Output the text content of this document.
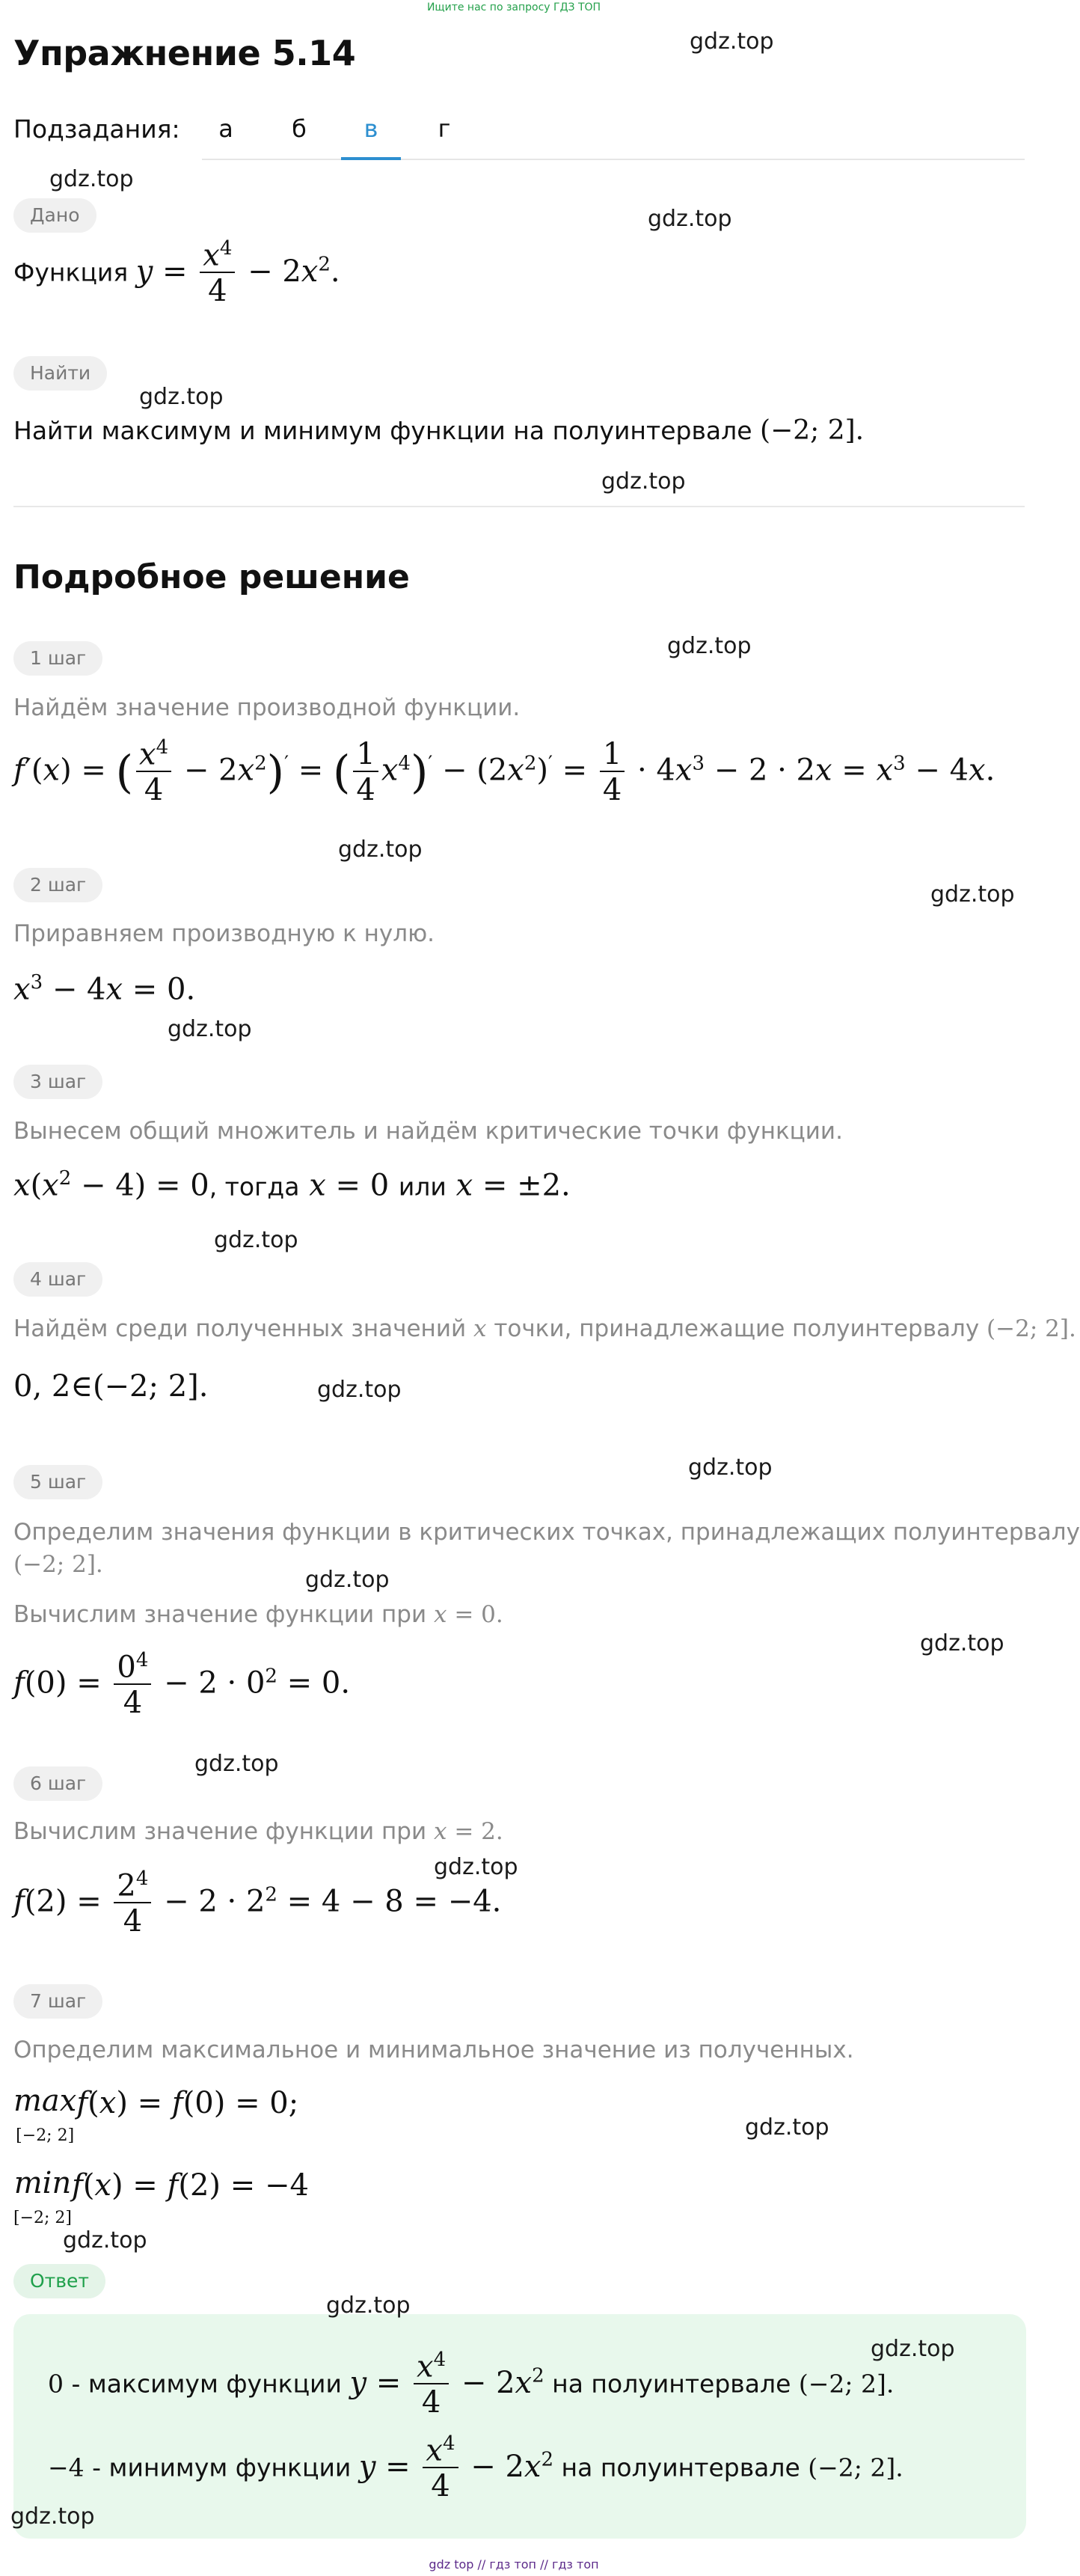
Ищите нас по запросу ГДЗ ТОП
Упражнение 5.14
Подзадания:	а	б	в	г
Дано
Функция $y = \frac{x^4}{4} - 2x^2$.
Найти
Найти максимум и минимум функции на полуинтервале (−2; 2].
Подробное решение
1 шаг
Найдём значение производной функции.
f′(x) = ( $\frac{x^4}{4} - 2x^2)'$ = ( $\frac{1}{4} x^4)' - (2x^2)' = \frac{1}{4} \cdot 4x^3 - 2 \cdot 2x = x^3 - 4x$.
2 шаг
Приравняем производную к нулю.
$x^3 - 4x = 0$.
3 шаг
Вынесем общий множитель и найдём критические точки функции.
$x(x^2 - 4) = 0$, тогда x = 0 или x = ±2.
4 шаг
Найдём среди полученных значений x точки, принадлежащие полуинтервалу (−2; 2].
0, 2∈(−2; 2].
5 шаг
Определим значения функции в критических точках, принадлежащих полуинтервалу
(−2; 2].
Вычислим значение функции при x = 0.
$f(0) = \frac{0^4}{4} - 2 \cdot 0^2 = 0$.
6 шаг
Вычислим значение функции при x = 2.
$f(2) = \frac{2^4}{4} - 2 \cdot 2^2 = 4 - 8 = -4$.
7 шаг
Определим максимальное и минимальное значение из полученных.
max
[−2; 2]f(x) = f(0) = 0;
min
[−2; 2]f(x) = f(2) = −4
Ответ
0 - максимум функции $y = \frac{x^4}{4} - 2x^2$ на полуинтервале (−2; 2].
−4 - минимум функции $y = \frac{x^4}{4} - 2x^2$ на полуинтервале (−2; 2].
gdz.top
gdz.top
gdz.top
gdz.top
gdz.top
gdz.top
gdz.top
gdz.top
gdz.top
gdz.top
gdz.top
gdz.top
gdz.top
gdz.top
gdz.top
gdz.top
gdz.top
gdz.top
gdz.top
gdz.top
gdz.top
gdz top // гдз топ // гдз топ
